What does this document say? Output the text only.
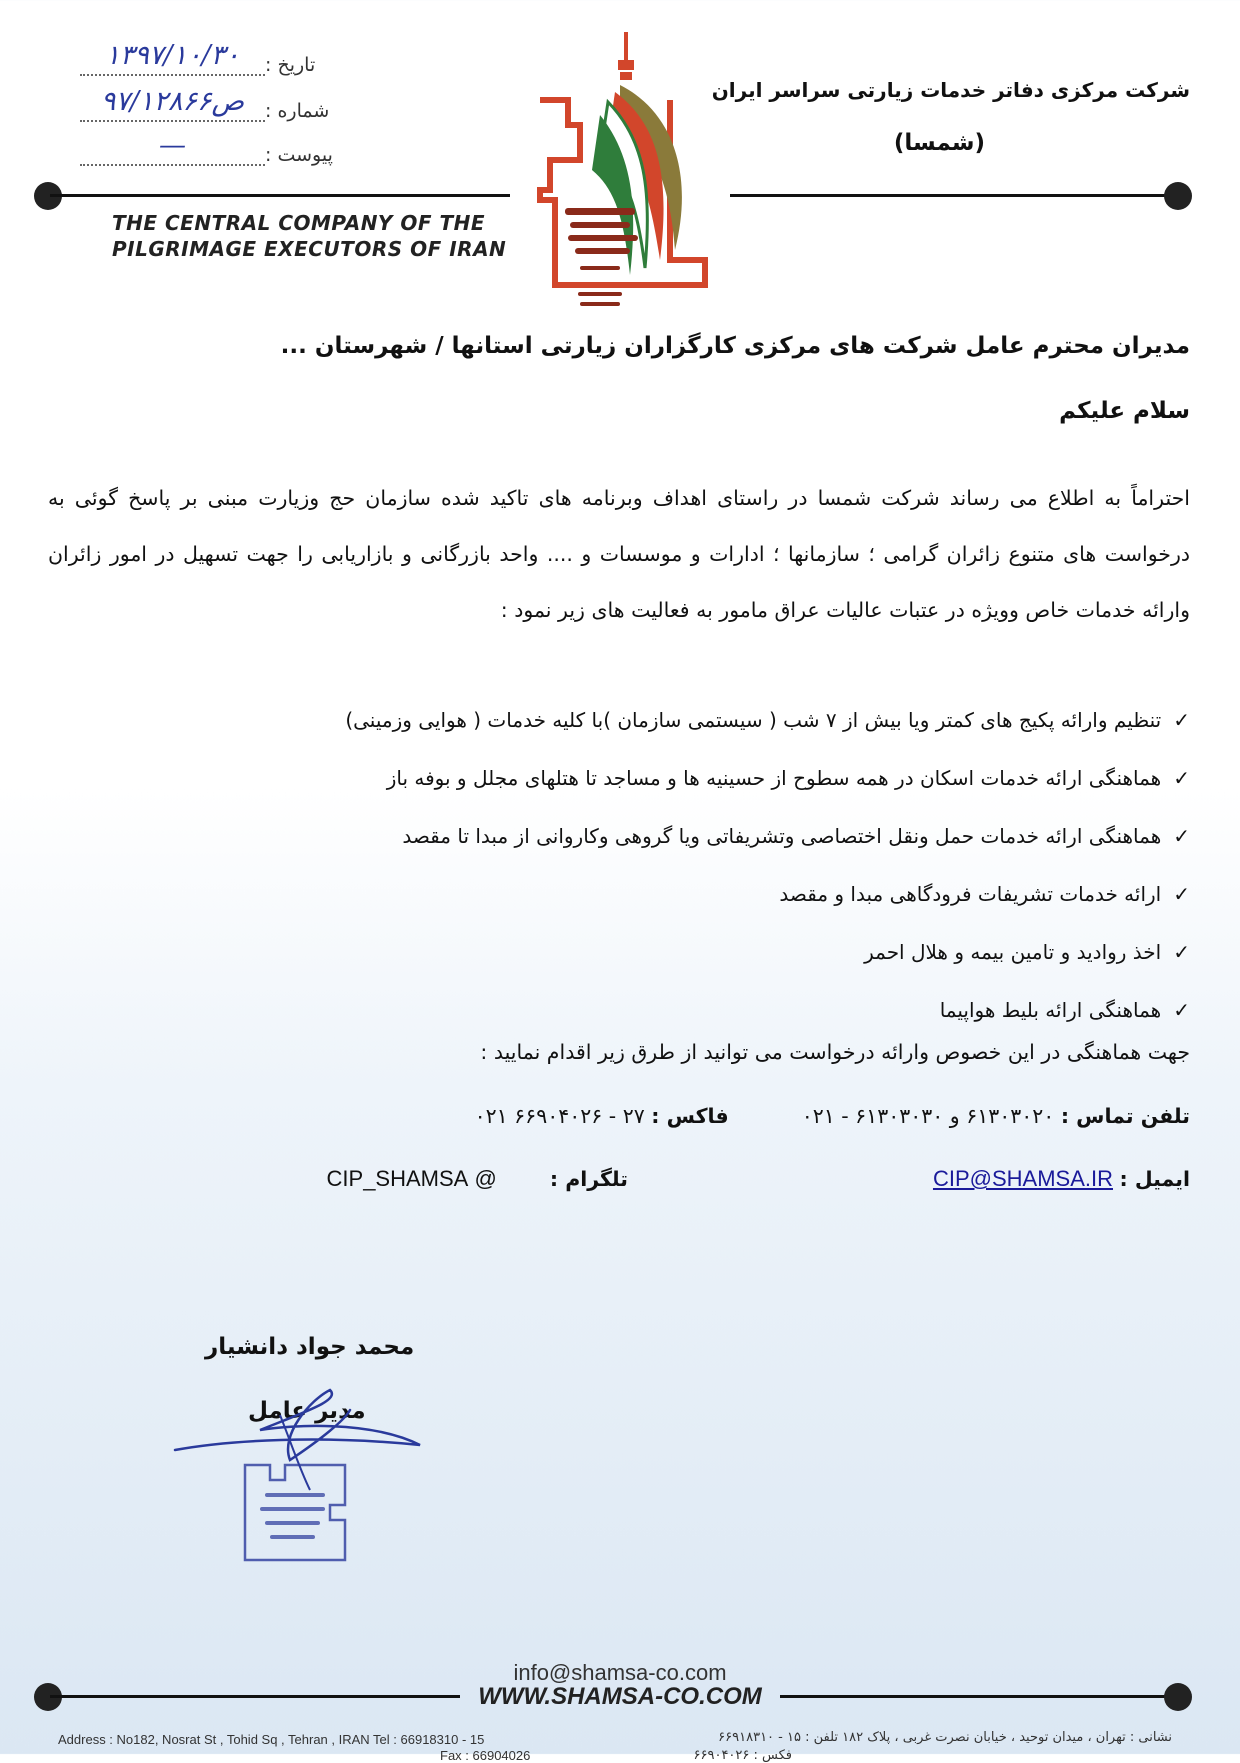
۱۳۹۷/۱۰/۳۰	تاریخ :
ص۹۷/۱۲۸۶۶	شماره :
—	پیوست :
شرکت مرکزی دفاتر خدمات زیارتی سراسر ایران
(شمسا)
THE CENTRAL COMPANY OF THE
PILGRIMAGE EXECUTORS OF IRAN
مدیران محترم عامل شرکت های مرکزی کارگزاران زیارتی استانها / شهرستان ...
سلام علیکم
احتراماً به اطلاع می رساند شرکت شمسا در راستای اهداف وبرنامه های تاکید شده سازمان حج وزیارت مبنی بر پاسخ گوئی به درخواست های متنوع زائران گرامی ؛ سازمانها ؛ ادارات و موسسات و .... واحد بازرگانی و بازاریابی را جهت تسهیل در امور زائران وارائه خدمات خاص وویژه در عتبات عالیات عراق مامور به فعالیت های زیر نمود :
✓تنظیم وارائه پکیج های کمتر ویا بیش از ۷ شب ( سیستمی سازمان )با کلیه خدمات ( هوایی وزمینی)
✓هماهنگی ارائه خدمات اسکان در همه سطوح از حسینیه ها و مساجد تا هتلهای مجلل و بوفه باز
✓هماهنگی ارائه خدمات حمل ونقل اختصاصی وتشریفاتی ویا گروهی وکاروانی از مبدا تا مقصد
✓ارائه خدمات تشریفات فرودگاهی مبدا و مقصد
✓اخذ روادید و تامین بیمه و هلال احمر
✓هماهنگی ارائه بلیط هواپیما
جهت هماهنگی در این خصوص وارائه درخواست می توانید از طرق زیر اقدام نمایید :
تلفن تماس : ۶۱۳۰۳۰۲۰ و ۶۱۳۰۳۰۳۰ - ۰۲۱  فاکس : ۲۷ - ۶۶۹۰۴۰۲۶ ۰۲۱
ایمیل : CIP@SHAMSA.IR
تلگرام :  @ CIP_SHAMSA
محمد جواد دانشیار
مدیر عامل
info@shamsa-co.com
WWW.SHAMSA-CO.COM
Address : No182, Nosrat St , Tohid Sq , Tehran , IRAN Tel : 66918310 - 15
Fax : 66904026
نشانی : تهران ، میدان توحید ، خیابان نصرت غربی ، پلاک ۱۸۲ تلفن : ۱۵ - ۶۶۹۱۸۳۱۰
فکس : ۶۶۹۰۴۰۲۶
